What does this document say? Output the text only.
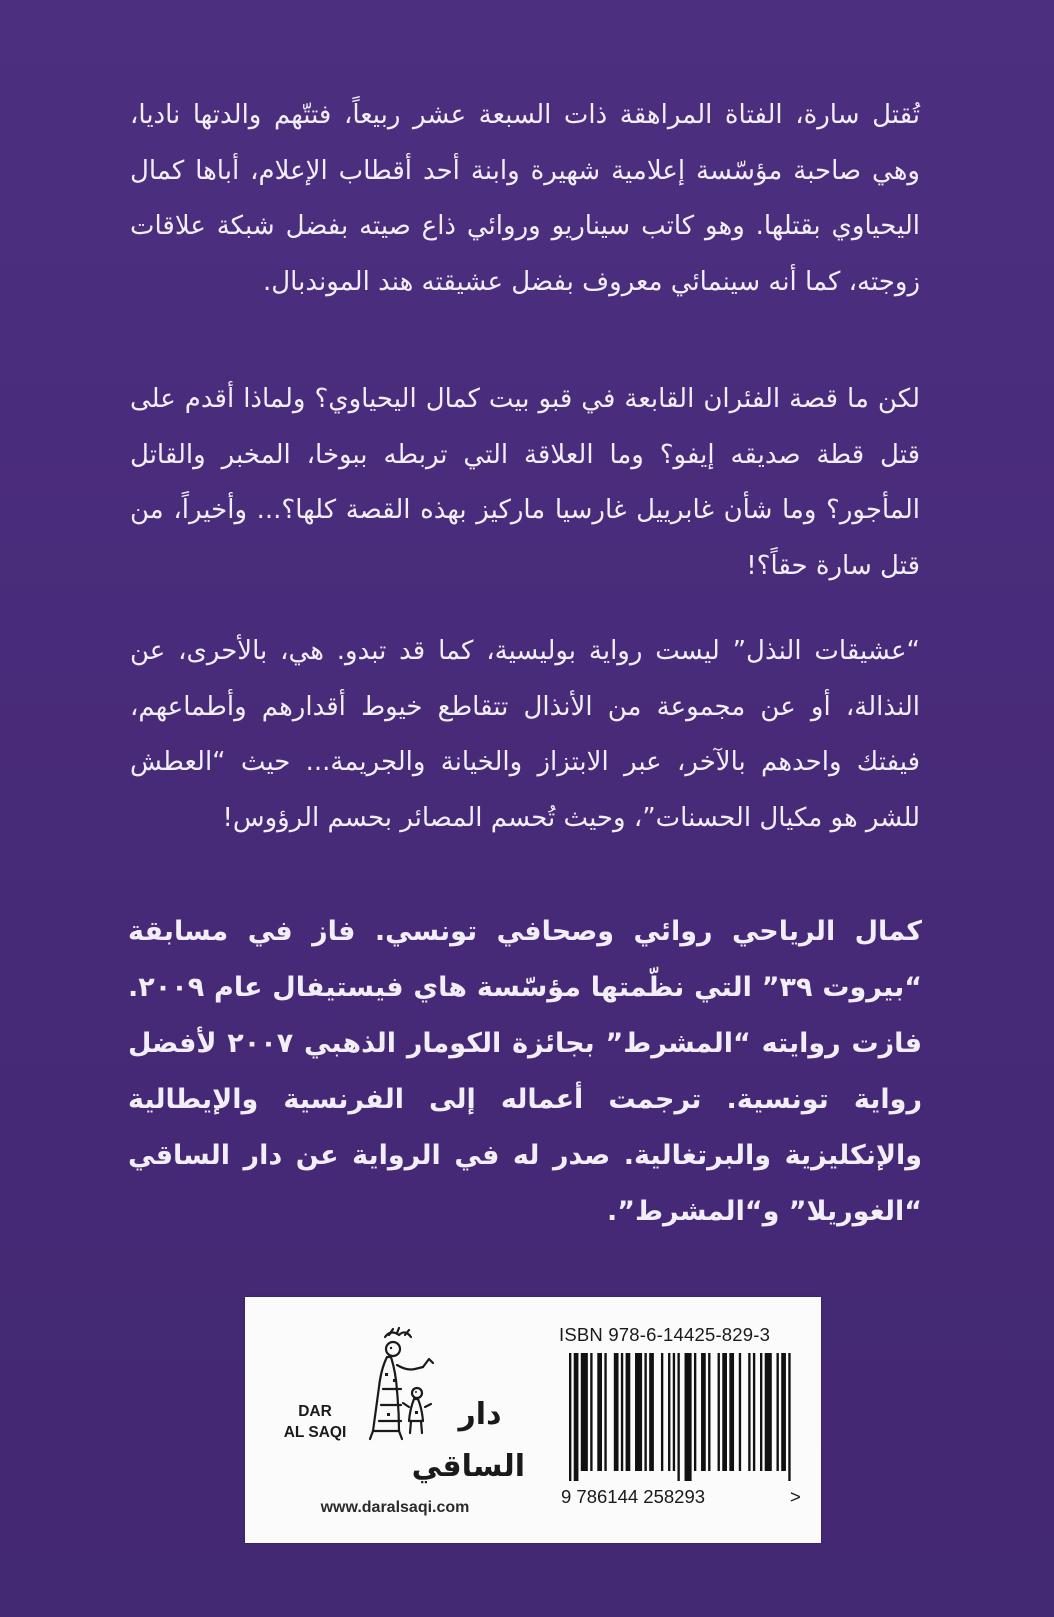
تُقتل سارة، الفتاة المراهقة ذات السبعة عشر ربيعاً، فتتّهم والدتها ناديا، وهي صاحبة مؤسّسة إعلامية شهيرة وابنة أحد أقطاب الإعلام، أباها كمال اليحياوي بقتلها. وهو كاتب سيناريو وروائي ذاع صيته بفضل شبكة علاقات زوجته، كما أنه سينمائي معروف بفضل عشيقته هند الموندبال.

لكن ما قصة الفئران القابعة في قبو بيت كمال اليحياوي؟ ولماذا أقدم على قتل قطة صديقه إيفو؟ وما العلاقة التي تربطه ببوخا، المخبر والقاتل المأجور؟ وما شأن غابرييل غارسيا ماركيز بهذه القصة كلها؟... وأخيراً، من قتل سارة حقاً؟!

“عشيقات النذل” ليست رواية بوليسية، كما قد تبدو. هي، بالأحرى، عن النذالة، أو عن مجموعة من الأنذال تتقاطع خيوط أقدارهم وأطماعهم، فيفتك واحدهم بالآخر، عبر الابتزاز والخيانة والجريمة... حيث “العطش للشر هو مكيال الحسنات”، وحيث تُحسم المصائر بحسم الرؤوس!

كمال الرياحي روائي وصحافي تونسي. فاز في مسابقة “بيروت ٣٩” التي نظّمتها مؤسّسة هاي فيستيفال عام ٢٠٠٩. فازت روايته “المشرط” بجائزة الكومار الذهبي ٢٠٠٧ لأفضل رواية تونسية. ترجمت أعماله إلى الفرنسية والإيطالية والإنكليزية والبرتغالية. صدر له في الرواية عن دار الساقي “الغوريلا” و“المشرط”.

DAR
AL SAQI
دار الساقي
www.daralsaqi.com
ISBN 978-6-14425-829-3
9 786144 258293	>
